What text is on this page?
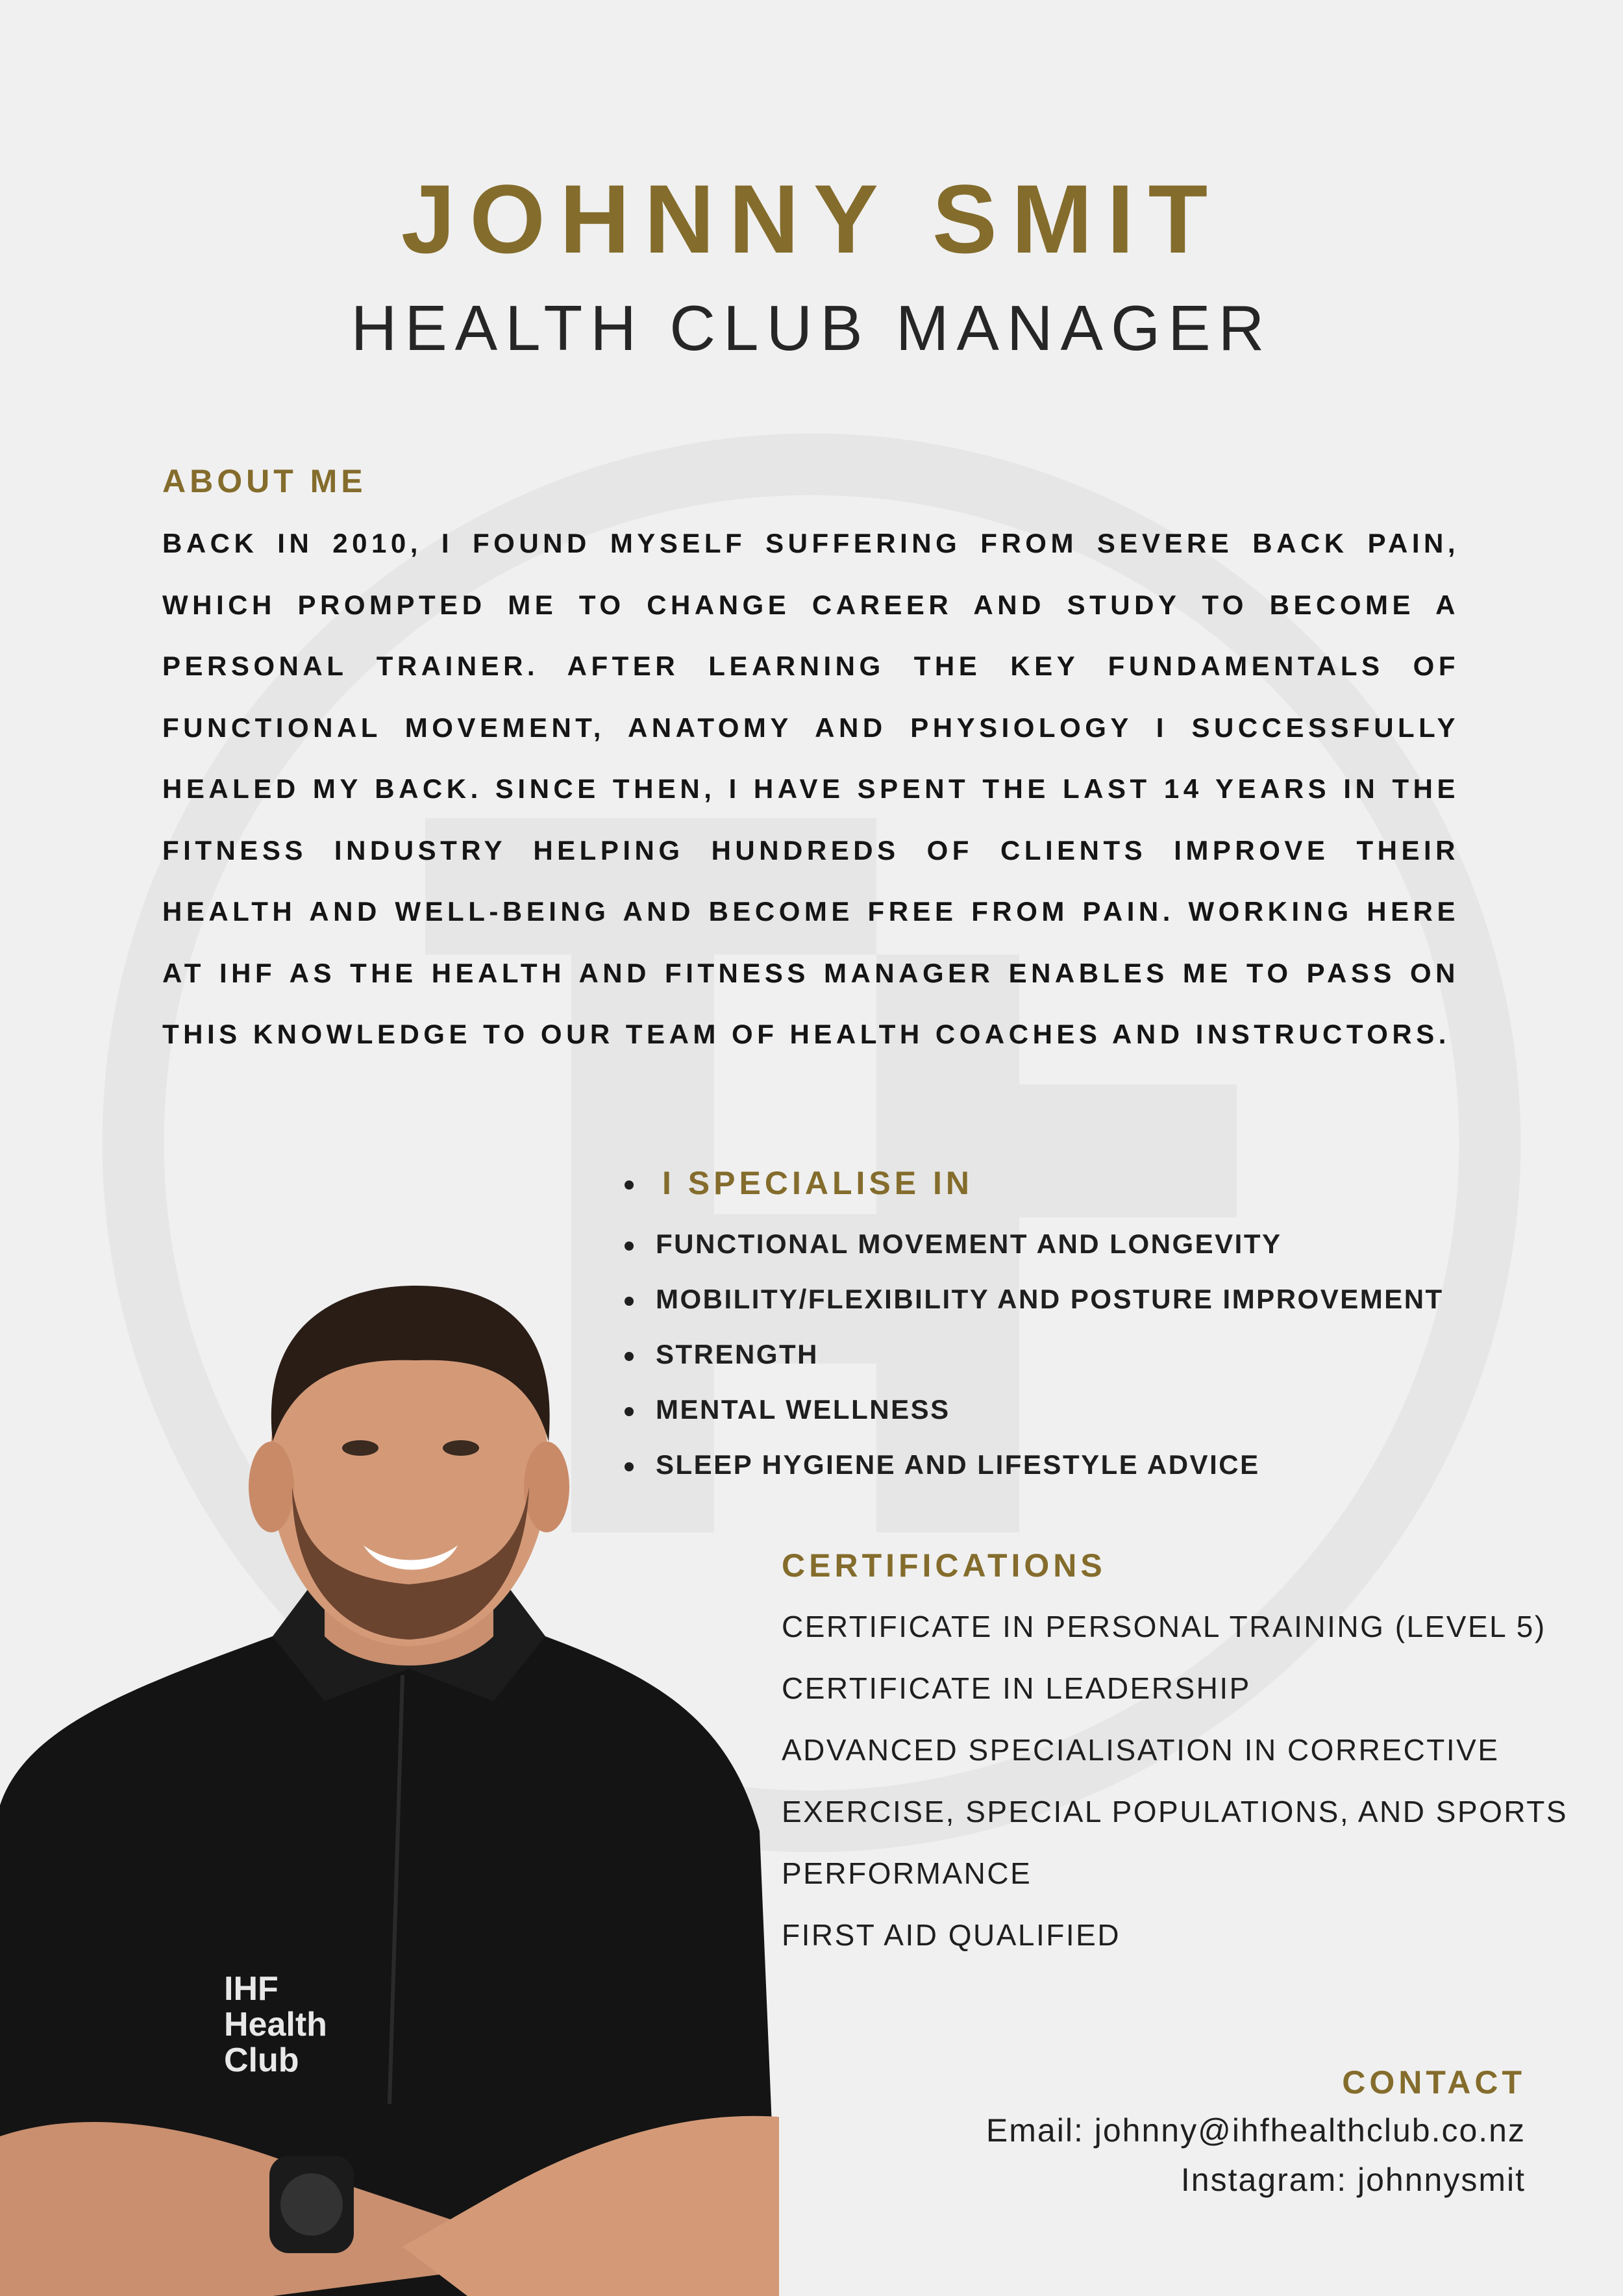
JOHNNY SMIT
HEALTH CLUB MANAGER
ABOUT ME
BACK IN 2010, I FOUND MYSELF SUFFERING FROM SEVERE BACK PAIN, WHICH PROMPTED ME TO CHANGE CAREER AND STUDY TO BECOME A PERSONAL TRAINER. AFTER LEARNING THE KEY FUNDAMENTALS OF FUNCTIONAL MOVEMENT, ANATOMY AND PHYSIOLOGY I SUCCESSFULLY HEALED MY BACK. SINCE THEN, I HAVE SPENT THE LAST 14 YEARS IN THE FITNESS INDUSTRY HELPING HUNDREDS OF CLIENTS IMPROVE THEIR HEALTH AND WELL-BEING AND BECOME FREE FROM PAIN. WORKING HERE AT IHF AS THE HEALTH AND FITNESS MANAGER ENABLES ME TO PASS ON THIS KNOWLEDGE TO OUR TEAM OF HEALTH COACHES AND INSTRUCTORS.
I SPECIALISE IN
FUNCTIONAL MOVEMENT AND LONGEVITY
MOBILITY/FLEXIBILITY AND POSTURE IMPROVEMENT
STRENGTH
MENTAL WELLNESS
SLEEP HYGIENE AND LIFESTYLE ADVICE
CERTIFICATIONS
CERTIFICATE IN PERSONAL TRAINING (LEVEL 5)
CERTIFICATE IN LEADERSHIP
ADVANCED SPECIALISATION IN CORRECTIVE
EXERCISE, SPECIAL POPULATIONS, AND SPORTS
PERFORMANCE
FIRST AID QUALIFIED
CONTACT
Email: johnny@ihfhealthclub.co.nz
Instagram: johnnysmit
IHF
Health
Club
